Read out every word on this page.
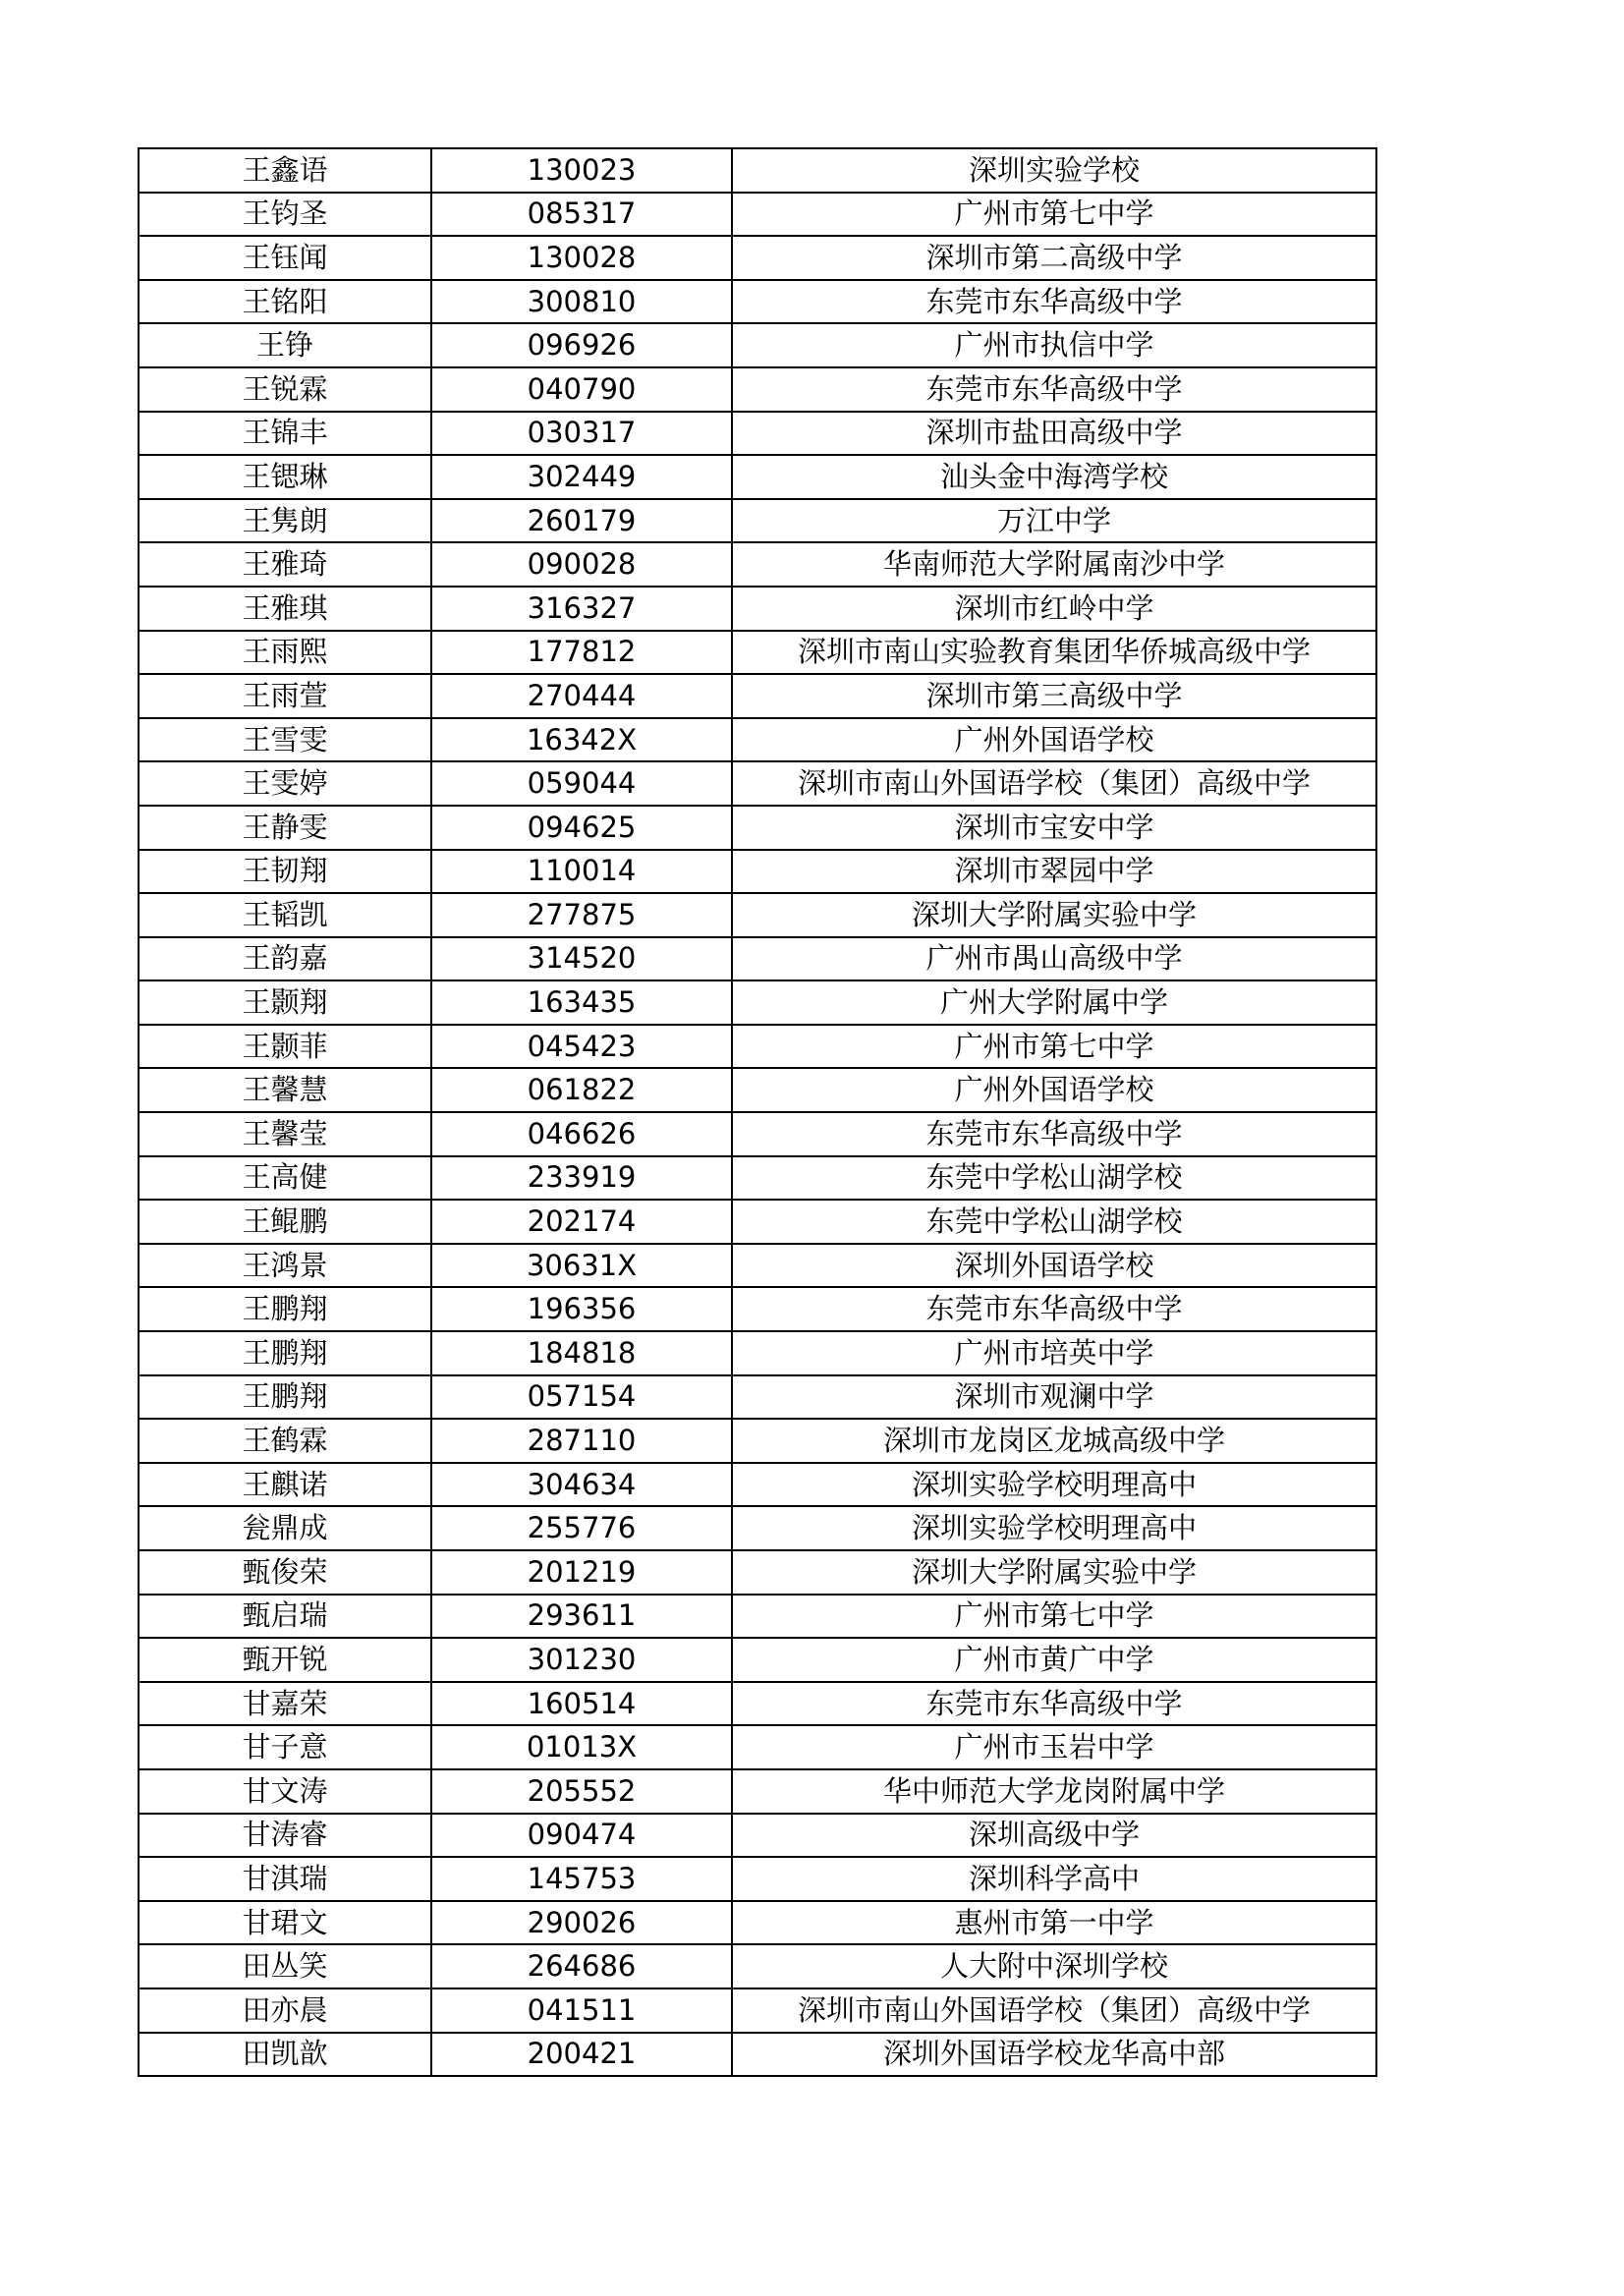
王鑫语	130023	深圳实验学校
王钧圣	085317	广州市第七中学
王钰闻	130028	深圳市第二高级中学
王铭阳	300810	东莞市东华高级中学
王铮	096926	广州市执信中学
王锐霖	040790	东莞市东华高级中学
王锦丰	030317	深圳市盐田高级中学
王锶琳	302449	汕头金中海湾学校
王隽朗	260179	万江中学
王雅琦	090028	华南师范大学附属南沙中学
王雅琪	316327	深圳市红岭中学
王雨熙	177812	深圳市南山实验教育集团华侨城高级中学
王雨萱	270444	深圳市第三高级中学
王雪雯	16342X	广州外国语学校
王雯婷	059044	深圳市南山外国语学校（集团）高级中学
王静雯	094625	深圳市宝安中学
王韧翔	110014	深圳市翠园中学
王韬凯	277875	深圳大学附属实验中学
王韵嘉	314520	广州市禺山高级中学
王颢翔	163435	广州大学附属中学
王颢菲	045423	广州市第七中学
王馨慧	061822	广州外国语学校
王馨莹	046626	东莞市东华高级中学
王高健	233919	东莞中学松山湖学校
王鲲鹏	202174	东莞中学松山湖学校
王鸿景	30631X	深圳外国语学校
王鹏翔	196356	东莞市东华高级中学
王鹏翔	184818	广州市培英中学
王鹏翔	057154	深圳市观澜中学
王鹤霖	287110	深圳市龙岗区龙城高级中学
王麒诺	304634	深圳实验学校明理高中
瓮鼎成	255776	深圳实验学校明理高中
甄俊荣	201219	深圳大学附属实验中学
甄启瑞	293611	广州市第七中学
甄开锐	301230	广州市黄广中学
甘嘉荣	160514	东莞市东华高级中学
甘子意	01013X	广州市玉岩中学
甘文涛	205552	华中师范大学龙岗附属中学
甘涛睿	090474	深圳高级中学
甘淇瑞	145753	深圳科学高中
甘珺文	290026	惠州市第一中学
田丛笑	264686	人大附中深圳学校
田亦晨	041511	深圳市南山外国语学校（集团）高级中学
田凯歆	200421	深圳外国语学校龙华高中部
